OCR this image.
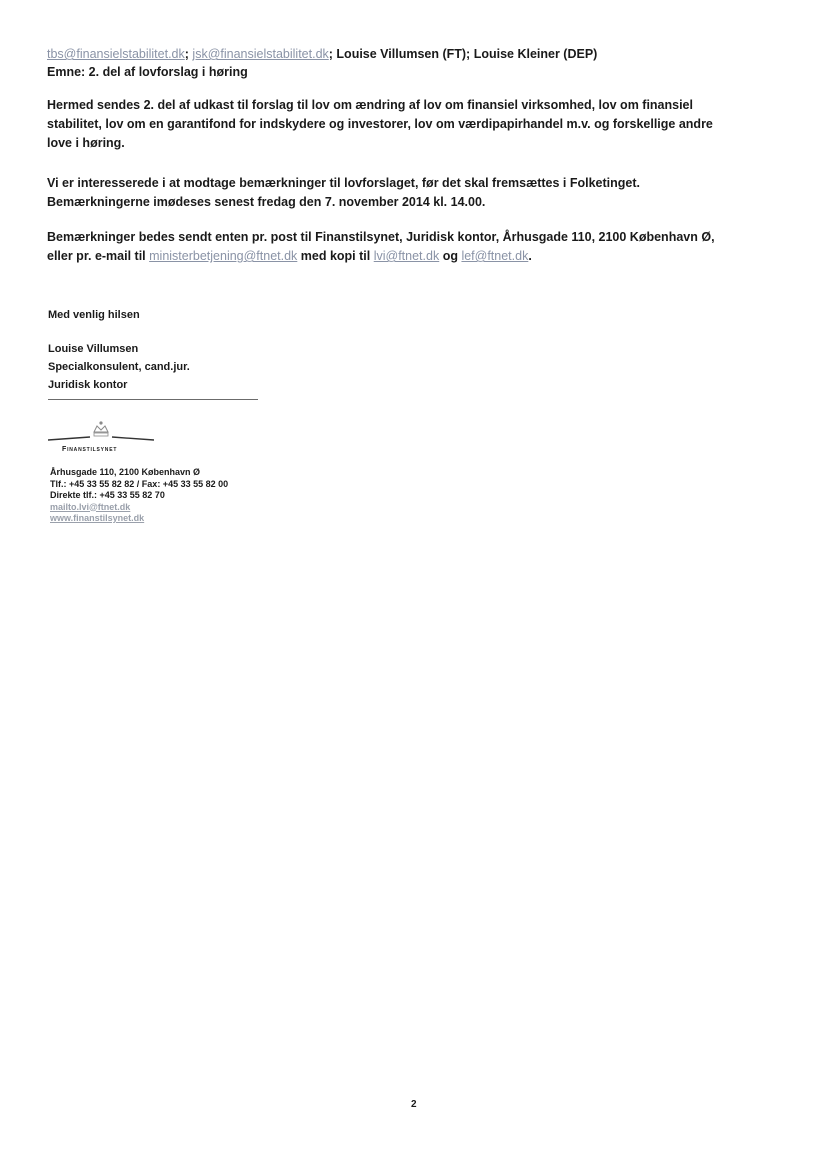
tbs@finansielstabilitet.dk; jsk@finansielstabilitet.dk; Louise Villumsen (FT); Louise Kleiner (DEP)
Emne: 2. del af lovforslag i høring
Hermed sendes 2. del af udkast til forslag til lov om ændring af lov om finansiel virksomhed, lov om finansiel
stabilitet, lov om en garantifond for indskydere og investorer, lov om værdipapirhandel m.v. og forskellige andre
love i høring.
Vi er interesserede i at modtage bemærkninger til lovforslaget, før det skal fremsættes i Folketinget.
Bemærkningerne imødeses senest fredag den 7. november 2014 kl. 14.00.
Bemærkninger bedes sendt enten pr. post til Finanstilsynet, Juridisk kontor, Århusgade 110, 2100 København Ø,
eller pr. e-mail til ministerbetjening@ftnet.dk med kopi til lvi@ftnet.dk og lef@ftnet.dk.
Med venlig hilsen
Louise Villumsen
Specialkonsulent, cand.jur.
Juridisk kontor
Finanstilsynet
Århusgade 110, 2100 København Ø
Tlf.: +45 33 55 82 82 / Fax: +45 33 55 82 00
Direkte tlf.: +45 33 55 82 70
mailto.lvi@ftnet.dk
www.finanstilsynet.dk
2
